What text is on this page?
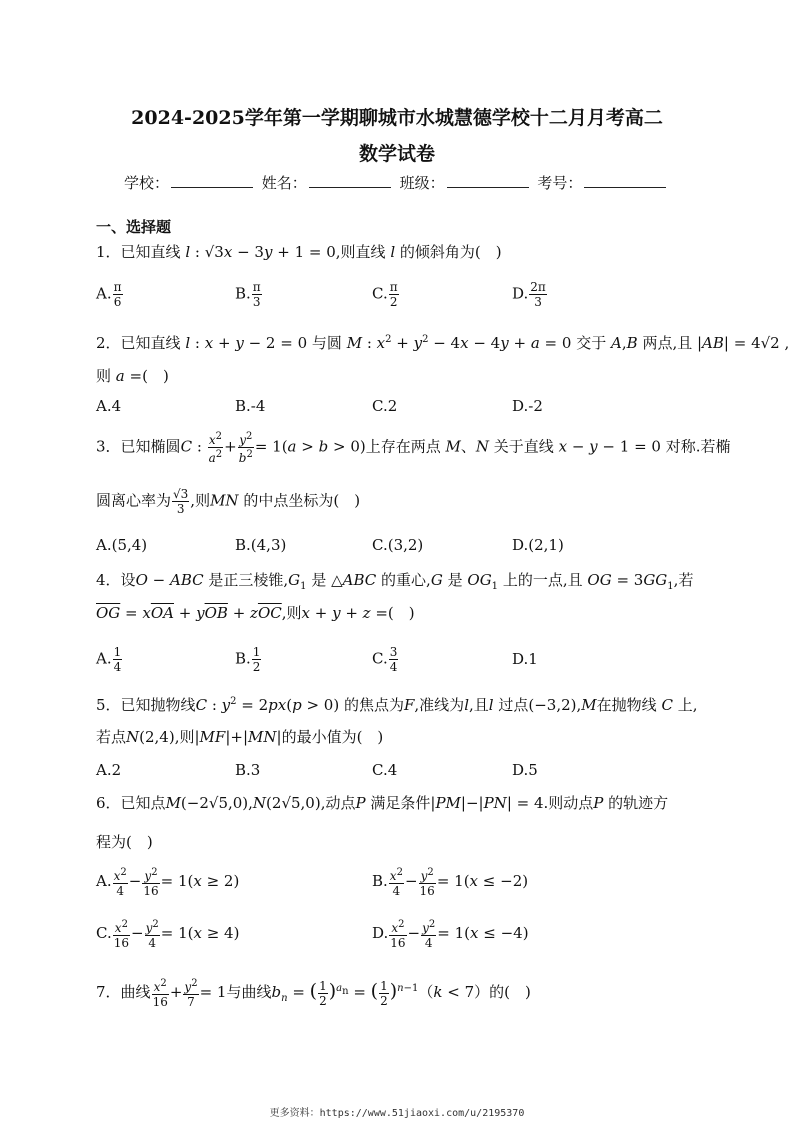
2024-2025学年第一学期聊城市水城慧德学校十二月月考高二
数学试卷
学校：	姓名：	班级：	考号：
一、选择题
1．已知直线 l : √3x − 3y + 1 = 0,则直线 l 的倾斜角为(　)
A. $\frac{\pi}{6}$	B. $\frac{\pi}{3}$	C. $\frac{\pi}{2}$	D. $\frac{2\pi}{3}$
2．已知直线 l : x + y − 2 = 0 与圆 M : $x^2 + y^2 - 4x - 4y + a = 0$ 交于 A,B 两点,且 |AB| = 4√2 ,
则 a =(　)
A.4	B.-4	C.2	D.-2
3．已知椭圆C : $\frac{x^2}{a^2} + \frac{y^2}{b^2} = 1(a > b > 0)$上存在两点 M、N 关于直线 x − y − 1 = 0 对称.若椭
圆离心率为 $\frac{√3}{3}$ ,则MN 的中点坐标为(　)
A.(5,4)	B.(4,3)	C.(3,2)	D.(2,1)
4．设O − ABC 是正三棱锥$,G_1$ 是 △ABC 的重心,G 是 $OG_1$ 上的一点,且 OG = $3GG_1$,若
$\overline{OG} = x\overline{OA} + y\overline{OB} + z\overline{OC}$,则x + y + z =(　)
A. $\frac{1}{4}$	B. $\frac{1}{2}$	C. $\frac{3}{4}$	D.1
5．已知抛物线C : $y^2 = 2px(p > 0)$ 的焦点为F,准线为l,且l 过点(−3,2),M在抛物线 C 上,
若点N(2,4),则|MF|+|MN|的最小值为(　)
A.2	B.3	C.4	D.5
6．已知点M(−2√5,0),N(2√5,0),动点P 满足条件|PM|−|PN| = 4.则动点P 的轨迹方
程为(　)
A. $\frac{x^2}{4} - \frac{y^2}{16} = 1(x \ge 2)$	B. $\frac{x^2}{4} - \frac{y^2}{16} = 1(x \le -2)$
C. $\frac{x^2}{16} - \frac{y^2}{4} = 1(x \ge 4)$	D. $\frac{x^2}{16} - \frac{y^2}{4} = 1(x \le -4)$
7．曲线 $\frac{x^2}{16} + \frac{y^2}{7} = 1$与曲线$b_n$ = ( $\frac{1}{2} )^{a_n}$ = ( $\frac{1}{2} )^{n-1}(k < 7)$的(　)
更多资料：https://www.51jiaoxi.com/u/2195370
